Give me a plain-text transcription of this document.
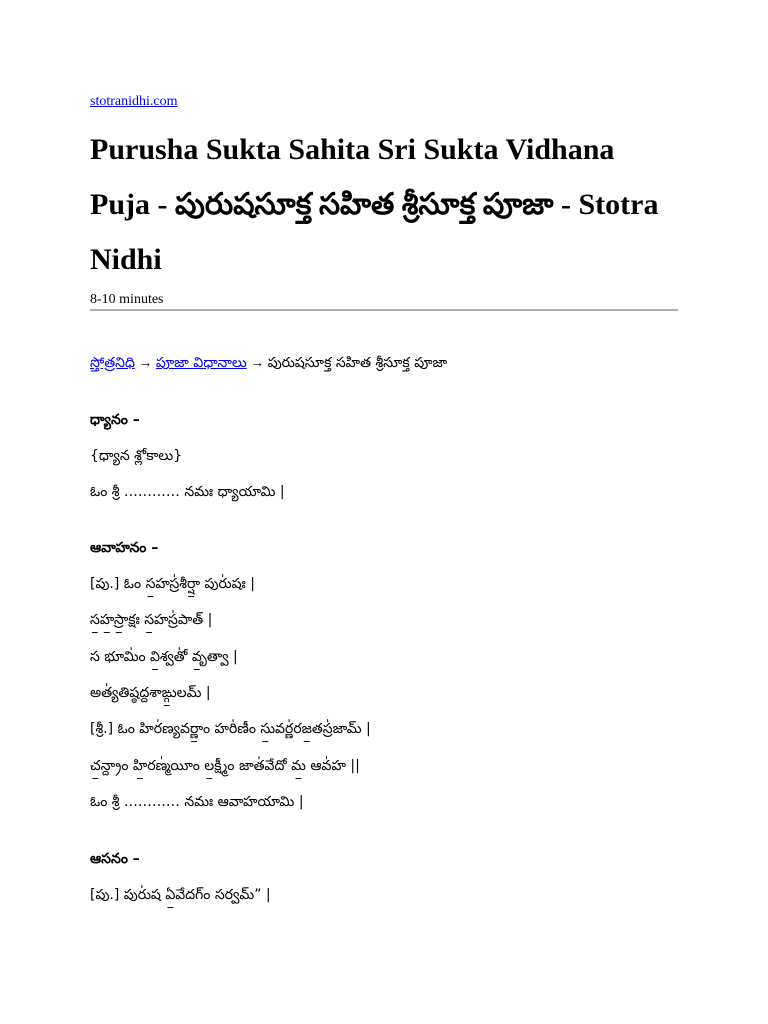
stotranidhi.com
Purusha Sukta Sahita Sri Sukta Vidhana Puja - పురుషసూక్త సహిత శ్రీసూక్త పూజా - Stotra Nidhi
8-10 minutes
స్తోత్రనిధి → పూజా విధానాలు → పురుషసూక్త సహిత శ్రీసూక్త పూజా
ధ్యానం –
{ధ్యాన శ్లోకాలు}
ఓం శ్రీ ………… నమః ధ్యాయామి |
ఆవాహనం –
[పు.] ఓం స॒హస్ర॑శీర్షా॒ పురు॑షః |
స॒హ॒స్రా॒క్షః స॒హస్ర॑పాత్ |
స భూమిం॑ వి॒శ్వతో॑ వృ॒త్వా |
అత్య॑తిష్ఠద్దశాఙ్గు॒లమ్ |
[శ్రీ.] ఓం హిర॑ణ్యవర్ణాం॒ హరి॑ణీం సు॒వర్ణ॑రజ॒తస్ర॑జామ్ |
చ॒న్ద్రాం హి॒రణ్మ॑యీం ల॒క్ష్మీం జాత॑వేదో మ॒ ఆవ॑హ ||
ఓం శ్రీ ………… నమః ఆవాహయామి |
ఆసనం –
[పు.] పురు॑ష ఏ॒వేదగ్ం సర్వమ్” |
